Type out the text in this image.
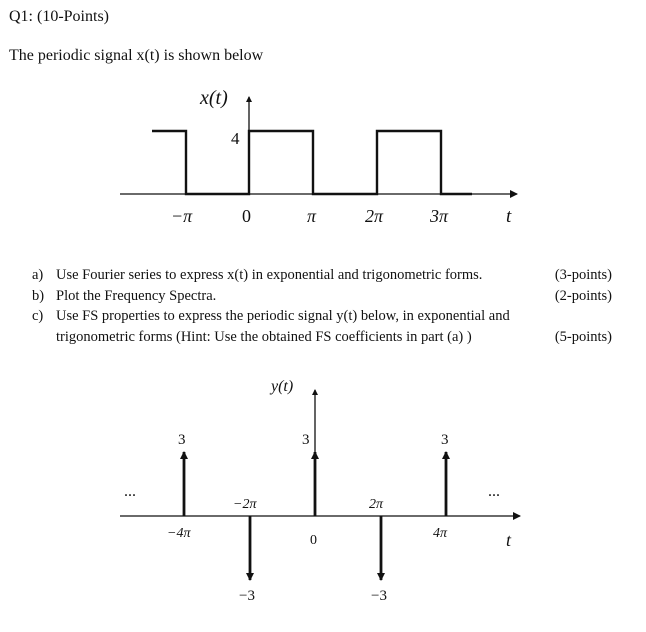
Q1: (10-Points)
The periodic signal x(t) is shown below
x(t)
4
−π	0	π	2π	3π	t
y(t)
...	...
3
−3
3
−3
3
−4π
−2π
0
2π
4π	t
a) Use Fourier series to express x(t) in exponential and trigonometric forms.	(3-points)
b) Plot the Frequency Spectra.	(2-points)
c) Use FS properties to express the periodic signal y(t) below, in exponential and
trigonometric forms (Hint: Use the obtained FS coefficients in part (a) )	(5-points)
